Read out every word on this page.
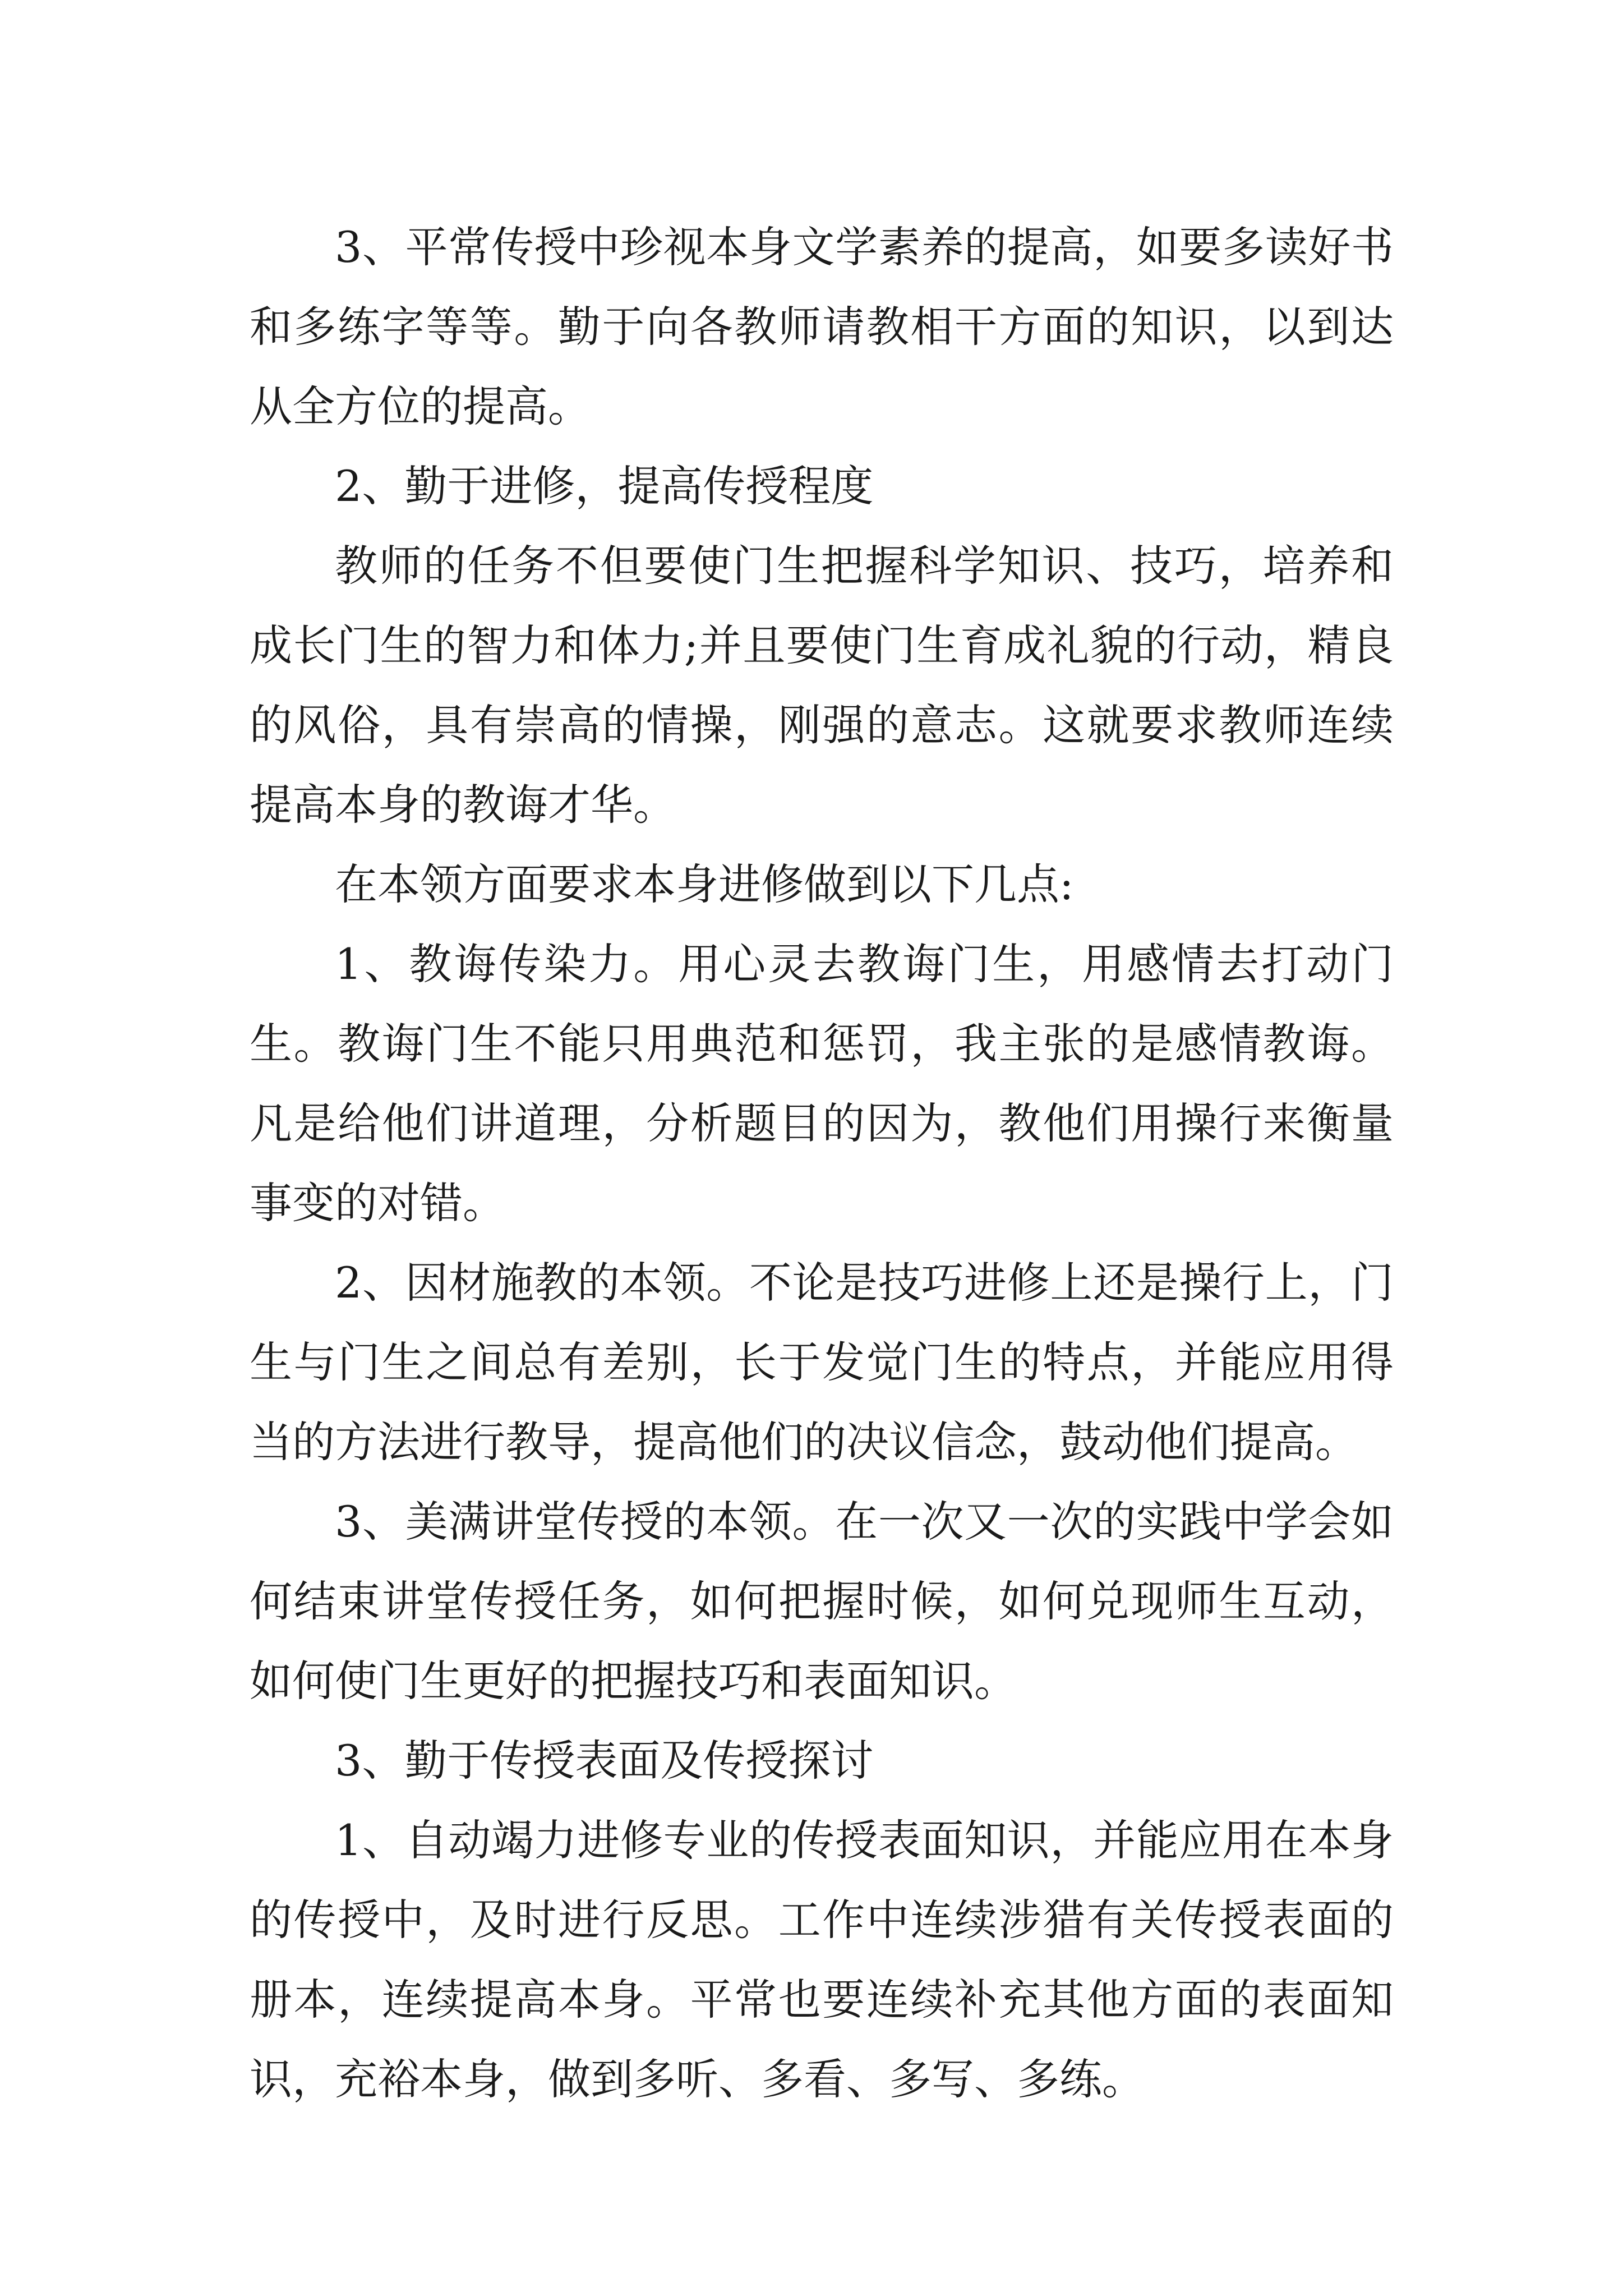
3、平常传授中珍视本身文学素养的提高，如要多读好书和多练字等等。勤于向各教师请教相干方面的知识，以到达从全方位的提高。

2、勤于进修，提高传授程度

教师的任务不但要使门生把握科学知识、技巧，培养和成长门生的智力和体力;并且要使门生育成礼貌的行动，精良的风俗，具有崇高的情操，刚强的意志。这就要求教师连续提高本身的教诲才华。

在本领方面要求本身进修做到以下几点:

1、教诲传染力。用心灵去教诲门生，用感情去打动门生。教诲门生不能只用典范和惩罚，我主张的是感情教诲。凡是给他们讲道理，分析题目的因为，教他们用操行来衡量事变的对错。

2、因材施教的本领。不论是技巧进修上还是操行上，门生与门生之间总有差别，长于发觉门生的特点，并能应用得当的方法进行教导，提高他们的决议信念，鼓动他们提高。

3、美满讲堂传授的本领。在一次又一次的实践中学会如何结束讲堂传授任务，如何把握时候，如何兑现师生互动，如何使门生更好的把握技巧和表面知识。

3、勤于传授表面及传授探讨

1、自动竭力进修专业的传授表面知识，并能应用在本身的传授中，及时进行反思。工作中连续涉猎有关传授表面的册本，连续提高本身。平常也要连续补充其他方面的表面知识，充裕本身，做到多听、多看、多写、多练。
